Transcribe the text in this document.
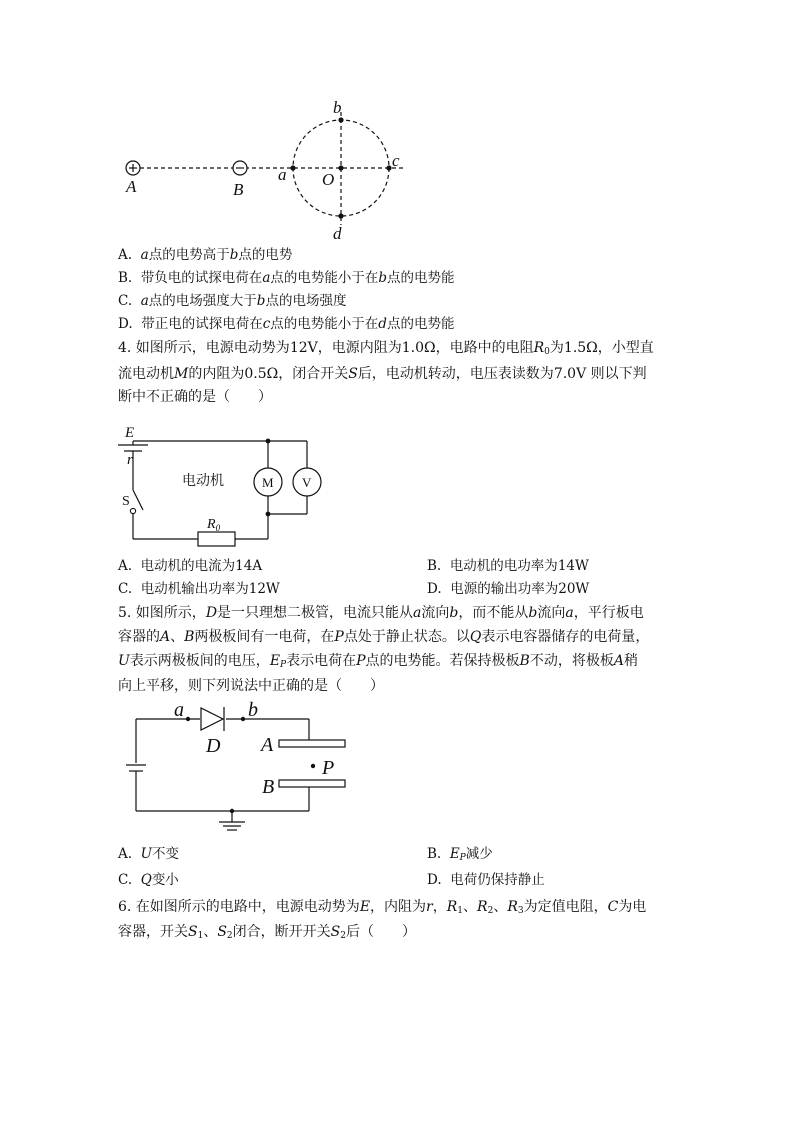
A	B
a O
c
b
d
A. a点的电势高于b点的电势
B. 带负电的试探电荷在a点的电势能小于在b点的电势能
C. a点的电场强度大于b点的电场强度
D. 带正电的试探电荷在c点的电势能小于在d点的电势能
4. 如图所示，电源电动势为12V，电源内阻为1.0Ω，电路中的电阻$R_0$为1.5Ω，小型直
流电动机M的内阻为0.5Ω，闭合开关S后，电动机转动，电压表读数为7.0V 则以下判
断中不正确的是（　　）
E
r
S
电动机	M V
$R_0$
A. 电动机的电流为14A	B. 电动机的电功率为14W
C. 电动机输出功率为12W	D. 电源的输出功率为20W
5. 如图所示，D是一只理想二极管，电流只能从a流向b，而不能从b流向a，平行板电
容器的A、B两极板间有一电荷，在P点处于静止状态。以Q表示电容器储存的电荷量，
U表示两极板间的电压，$E_P$表示电荷在P点的电势能。若保持极板B不动，将极板A稍
向上平移，则下列说法中正确的是（　　）
a	b
D A
B
P
A. U不变	B. $E_P$减少
C. Q变小	D. 电荷仍保持静止
6. 在如图所示的电路中，电源电动势为E，内阻为r，$R_1$、$R_2$、$R_3$为定值电阻，C为电
容器，开关$S_1$、$S_2$闭合，断开开关$S_2$后（　　）
